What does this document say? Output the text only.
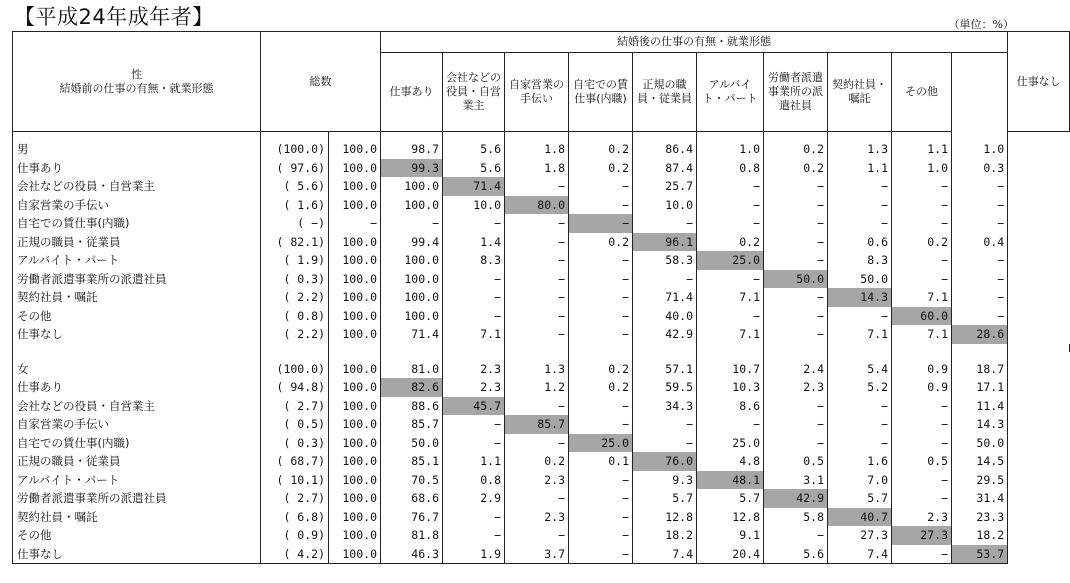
【平成24年成年者】	（単位：%）
性
結婚前の仕事の有無・就業形態	総数		結婚後の仕事の有無・就業形態										仕事なし
			仕事あり	会社などの役員・自営業主	自家営業の手伝い	自宅での賃仕事(内職)	正規の職員・従業員	アルバイト・パート	労働者派遣事業所の派遣社員	契約社員・嘱託	その他		
男	(100.0)	100.0	98.7	5.6	1.8	0.2	86.4	1.0	0.2	1.3	1.1	1.0	
仕事あり	( 97.6)	100.0	99.3	5.6	1.8	0.2	87.4	0.8	0.2	1.1	1.0	0.3	
会社などの役員・自営業主	( 5.6)	100.0	100.0	71.4	−	−	25.7	−	−	−	−	−	
自家営業の手伝い	( 1.6)	100.0	100.0	10.0	80.0	−	10.0	−	−	−	−	−	
自宅での賃仕事(内職)	( −)	−	−	−	−	−	−	−	−	−	−	−	
正規の職員・従業員	( 82.1)	100.0	99.4	1.4	−	0.2	96.1	0.2	−	0.6	0.2	0.4	
アルバイト・パート	( 1.9)	100.0	100.0	8.3	−	−	58.3	25.0	−	8.3	−	−	
労働者派遣事業所の派遣社員	( 0.3)	100.0	100.0	−	−	−	−	−	50.0	50.0	−	−	
契約社員・嘱託	( 2.2)	100.0	100.0	−	−	−	71.4	7.1	−	14.3	7.1	−	
その他	( 0.8)	100.0	100.0	−	−	−	40.0	−	−	−	60.0	−	
仕事なし	( 2.2)	100.0	71.4	7.1	−	−	42.9	7.1	−	7.1	7.1	28.6	

女	(100.0)	100.0	81.0	2.3	1.3	0.2	57.1	10.7	2.4	5.4	0.9	18.7	
仕事あり	( 94.8)	100.0	82.6	2.3	1.2	0.2	59.5	10.3	2.3	5.2	0.9	17.1	
会社などの役員・自営業主	( 2.7)	100.0	88.6	45.7	−	−	34.3	8.6	−	−	−	11.4	
自家営業の手伝い	( 0.5)	100.0	85.7	−	85.7	−	−	−	−	−	−	14.3	
自宅での賃仕事(内職)	( 0.3)	100.0	50.0	−	−	25.0	−	25.0	−	−	−	50.0	
正規の職員・従業員	( 68.7)	100.0	85.1	1.1	0.2	0.1	76.0	4.8	0.5	1.6	0.5	14.5	
アルバイト・パート	( 10.1)	100.0	70.5	0.8	2.3	−	9.3	48.1	3.1	7.0	−	29.5	
労働者派遣事業所の派遣社員	( 2.7)	100.0	68.6	2.9	−	−	5.7	5.7	42.9	5.7	−	31.4	
契約社員・嘱託	( 6.8)	100.0	76.7	−	2.3	−	12.8	12.8	5.8	40.7	2.3	23.3	
その他	( 0.9)	100.0	81.8	−	−	−	18.2	9.1	−	27.3	27.3	18.2	
仕事なし	( 4.2)	100.0	46.3	1.9	3.7	−	7.4	20.4	5.6	7.4	−	53.7	
